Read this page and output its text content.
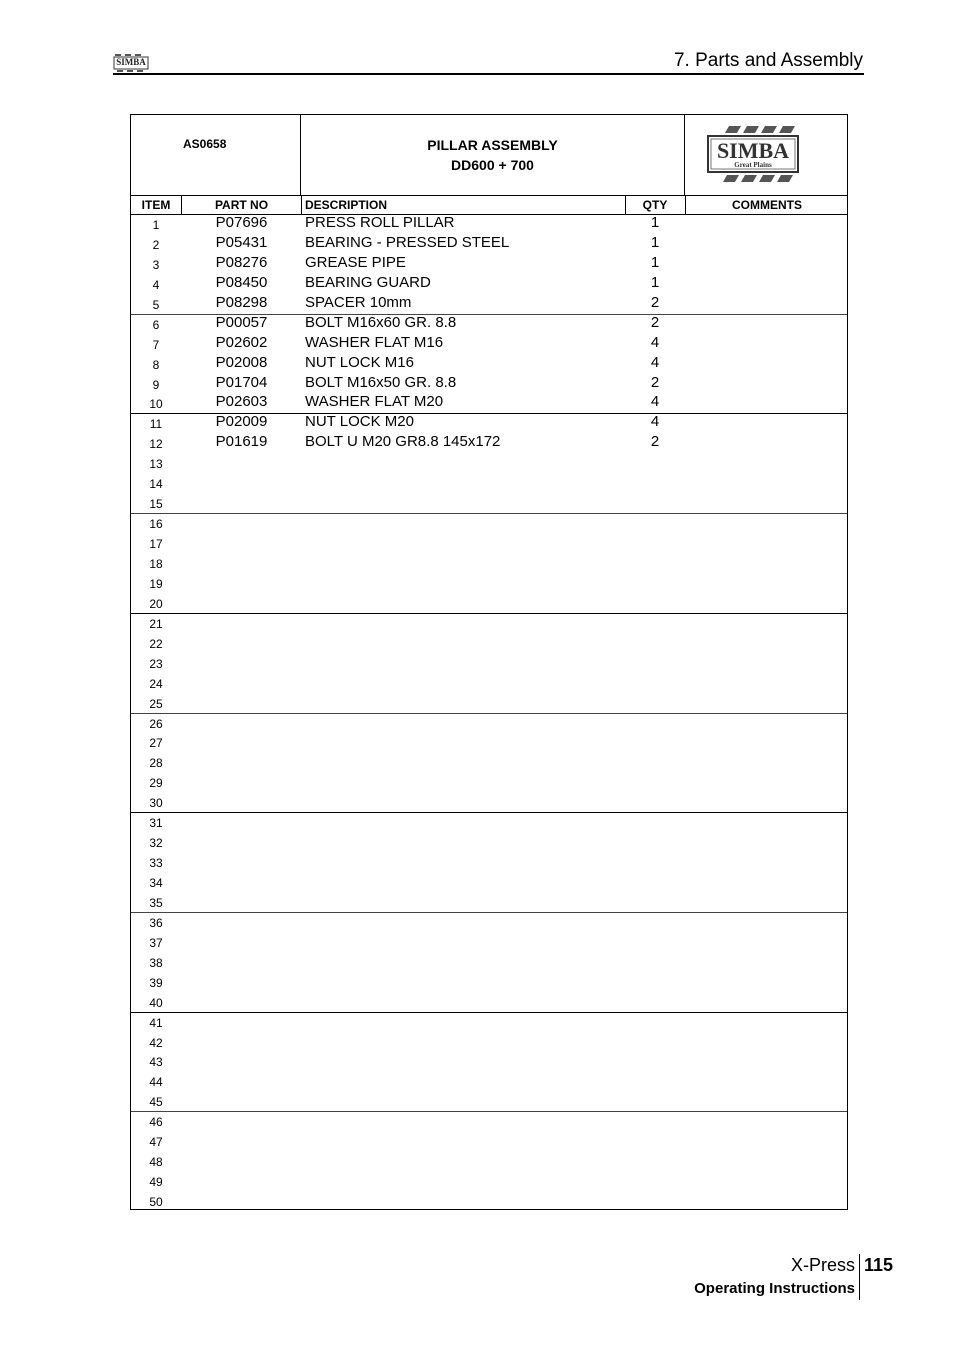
SIMBA	7. Parts and Assembly
AS0658	PILLAR ASSEMBLY
DD600 + 700
SIMBA
Great Plains
ITEM	PART NO	DESCRIPTION	QTY	COMMENTS
1	P07696	PRESS ROLL PILLAR	1
2	P05431	BEARING - PRESSED STEEL	1
3	P08276	GREASE PIPE	1
4	P08450	BEARING GUARD	1
5	P08298	SPACER 10mm	2
6	P00057	BOLT M16x60 GR. 8.8	2
7	P02602	WASHER FLAT M16	4
8	P02008	NUT LOCK M16	4
9	P01704	BOLT M16x50 GR. 8.8	2
10	P02603	WASHER FLAT M20	4
11	P02009	NUT LOCK M20	4
12	P01619	BOLT U M20 GR8.8 145x172	2
13
14
15
16
17
18
19
20
21
22
23
24
25
26
27
28
29
30
31
32
33
34
35
36
37
38
39
40
41
42
43
44
45
46
47
48
49
50
X-Press 115
Operating Instructions
